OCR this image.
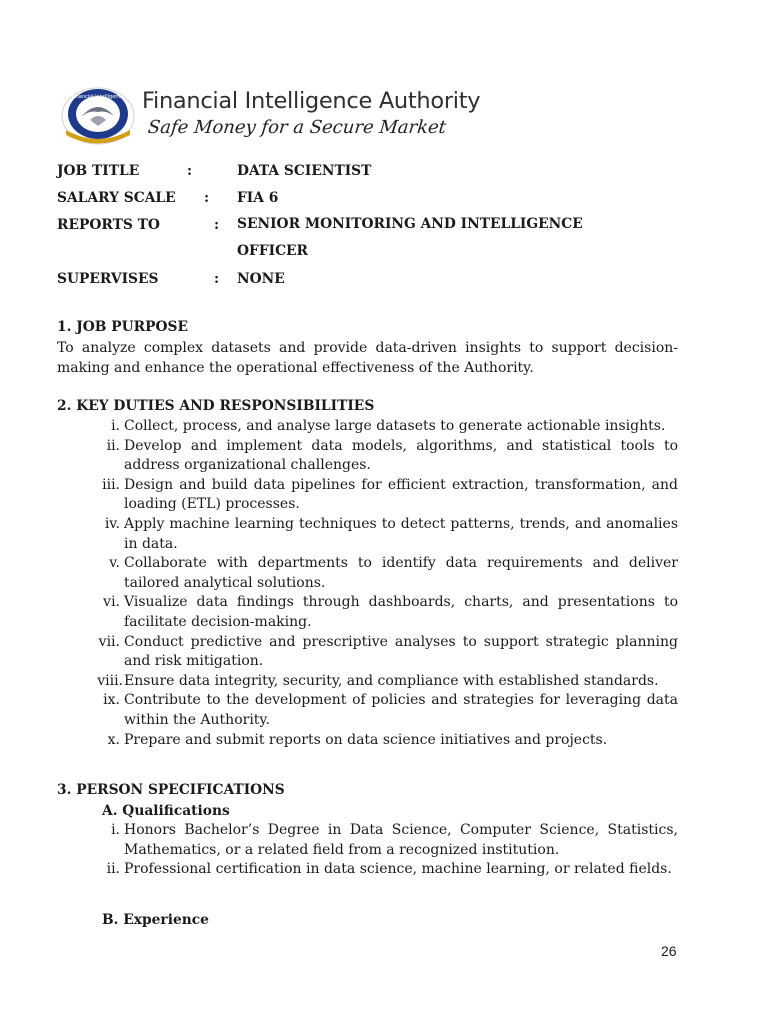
Financial Intelligence
Authority
Financial Intelligence Authority
Safe Money for a Secure Market
JOB TITLE	:	DATA SCIENTIST
SALARY SCALE : FIA 6
REPORTS TO	: SENIOR MONITORING AND INTELLIGENCE OFFICER
SUPERVISES	: NONE
1. JOB PURPOSE
To analyze complex datasets and provide data-driven insights to support decision-making and enhance the operational effectiveness of the Authority.
2. KEY DUTIES AND RESPONSIBILITIES
i. Collect, process, and analyse large datasets to generate actionable insights.
ii. Develop and implement data models, algorithms, and statistical tools to address organizational challenges.
iii. Design and build data pipelines for efficient extraction, transformation, and loading (ETL) processes.
iv. Apply machine learning techniques to detect patterns, trends, and anomalies in data.
v. Collaborate with departments to identify data requirements and deliver tailored analytical solutions.
vi. Visualize data findings through dashboards, charts, and presentations to facilitate decision-making.
vii. Conduct predictive and prescriptive analyses to support strategic planning and risk mitigation.
viii. Ensure data integrity, security, and compliance with established standards.
ix. Contribute to the development of policies and strategies for leveraging data within the Authority.
x. Prepare and submit reports on data science initiatives and projects.
3. PERSON SPECIFICATIONS
A. Qualifications
i. Honors Bachelor’s Degree in Data Science, Computer Science, Statistics, Mathematics, or a related field from a recognized institution.
ii. Professional certification in data science, machine learning, or related fields.
B. Experience
26
